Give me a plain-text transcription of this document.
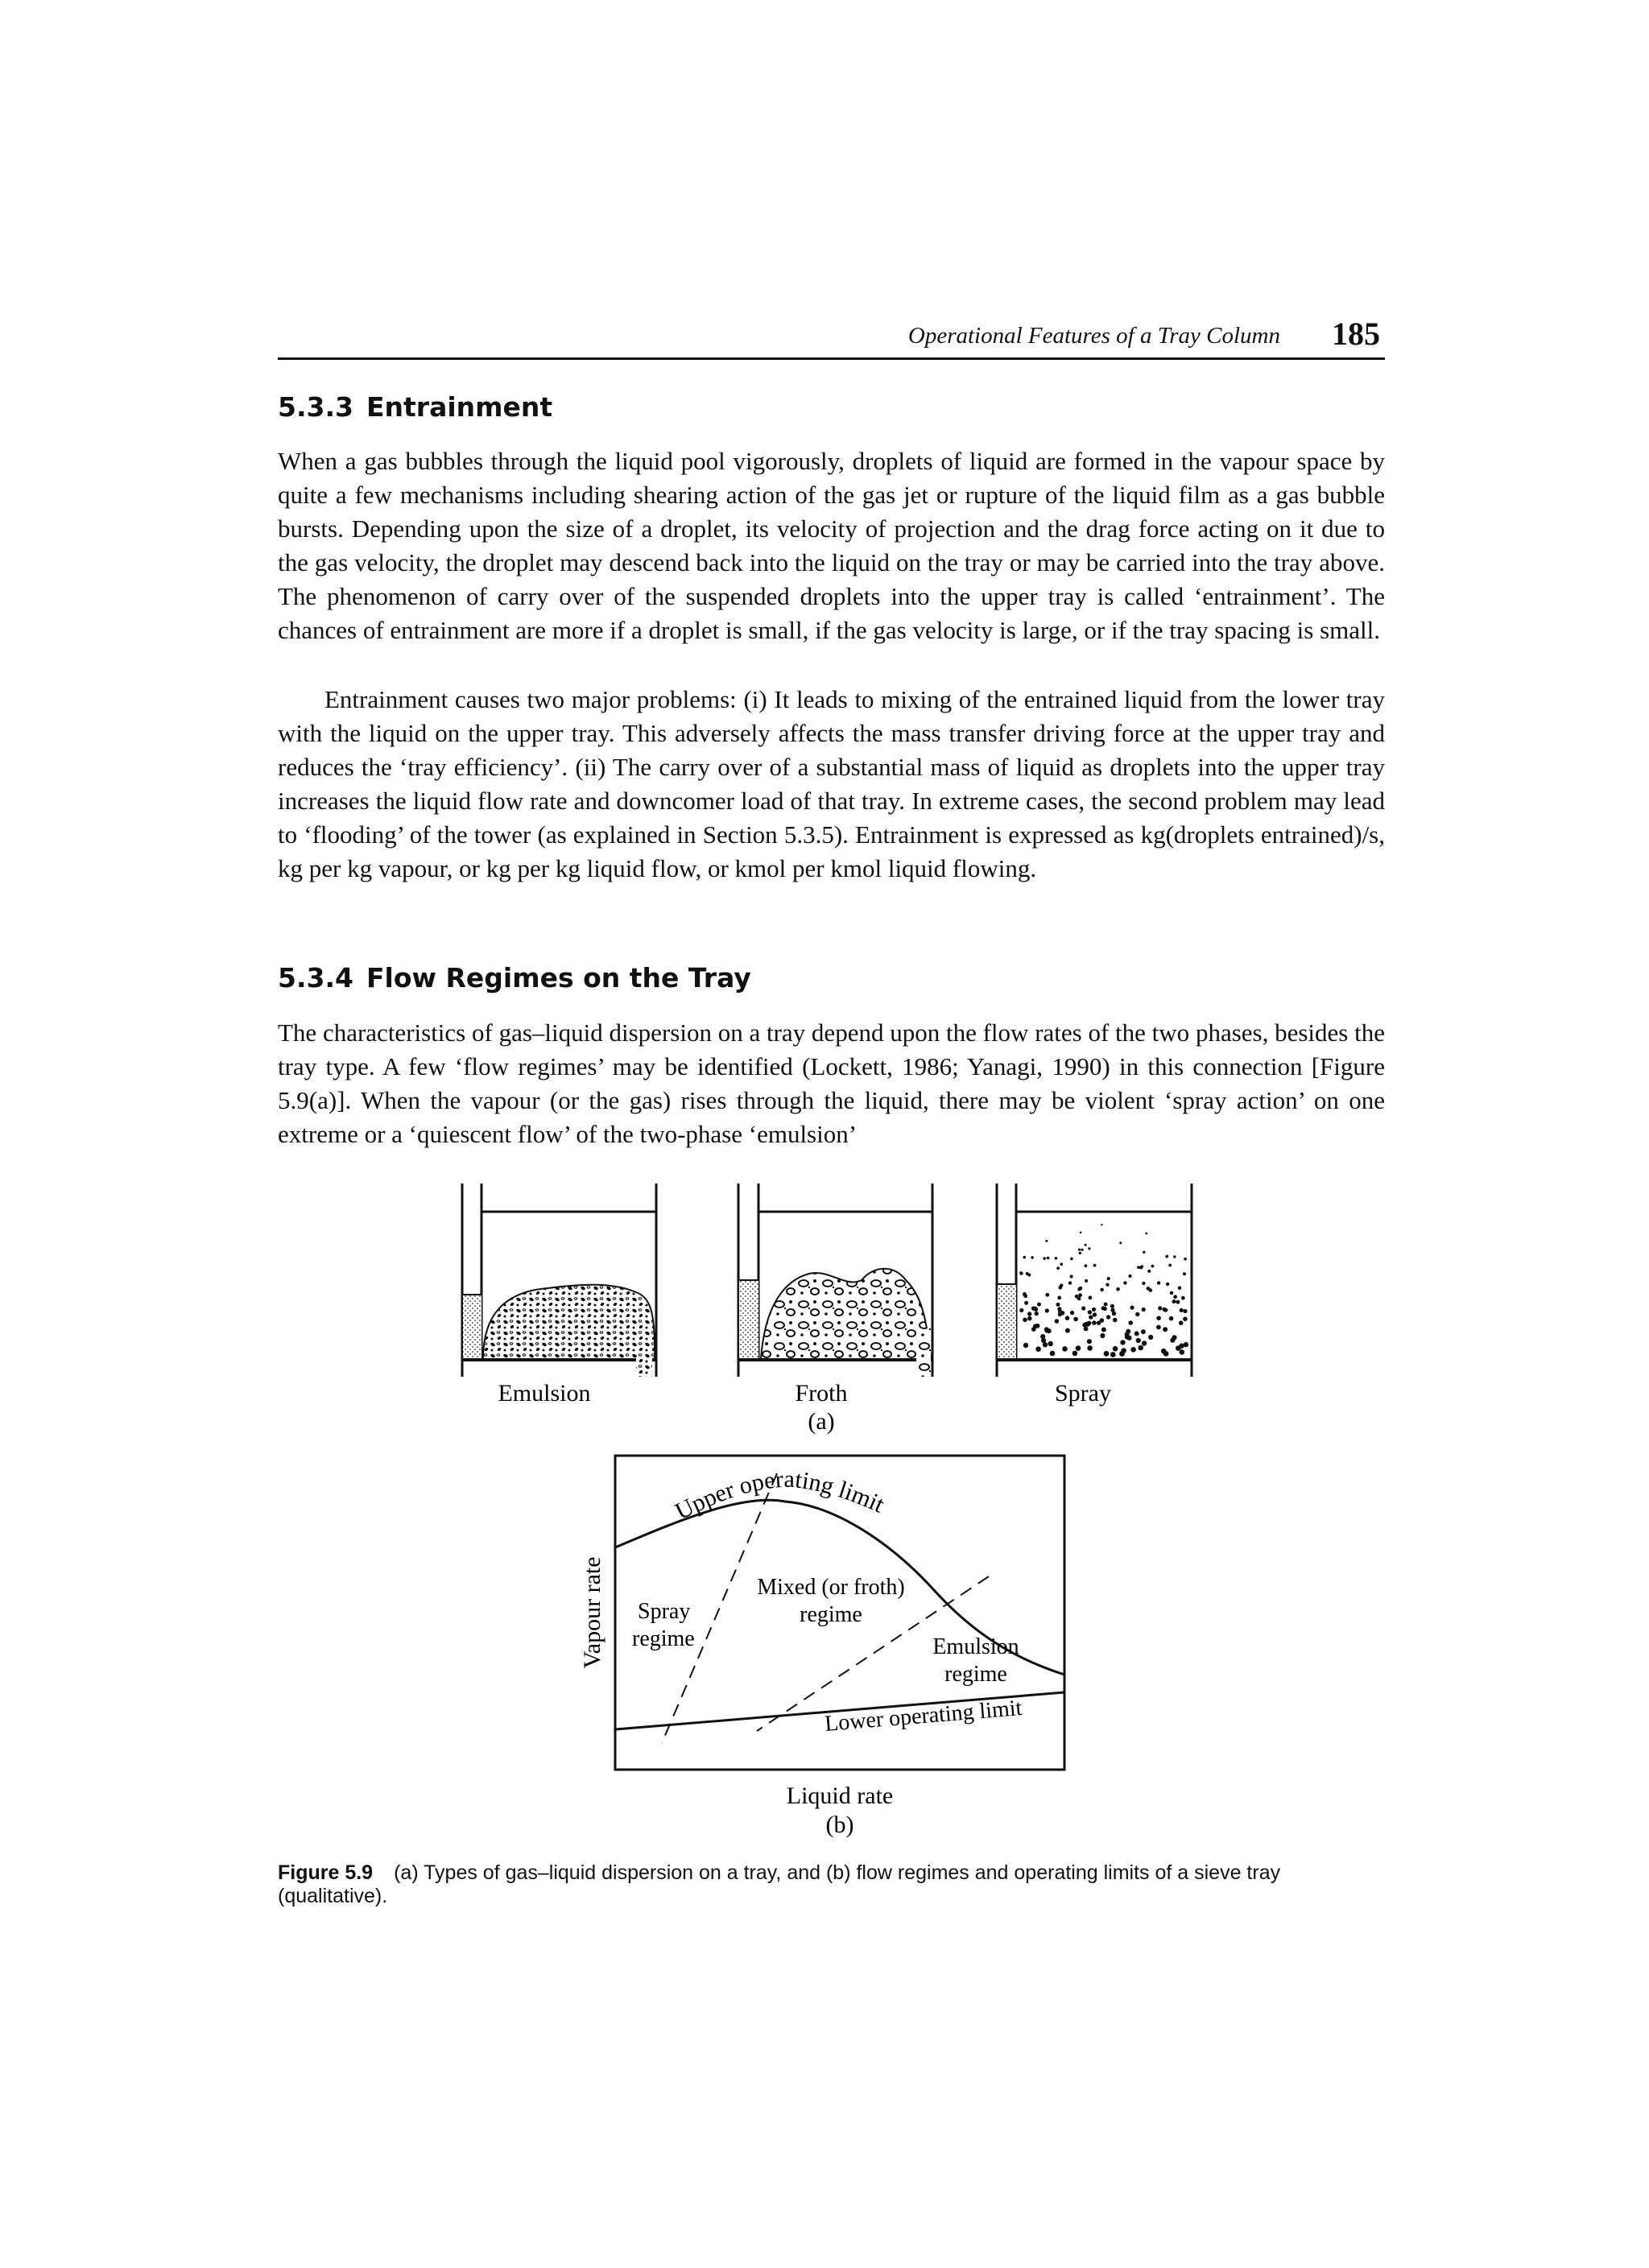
Operational Features of a Tray Column 185
5.3.3 Entrainment

When a gas bubbles through the liquid pool vigorously, droplets of liquid are formed in the vapour space by quite a few mechanisms including shearing action of the gas jet or rupture of the liquid film as a gas bubble bursts. Depending upon the size of a droplet, its velocity of projection and the drag force acting on it due to the gas velocity, the droplet may descend back into the liquid on the tray or may be carried into the tray above. The phenomenon of carry over of the suspended droplets into the upper tray is called ‘entrainment’. The chances of entrainment are more if a droplet is small, if the gas velocity is large, or if the tray spacing is small.

Entrainment causes two major problems: (i) It leads to mixing of the entrained liquid from the lower tray with the liquid on the upper tray. This adversely affects the mass transfer driving force at the upper tray and reduces the ‘tray efficiency’. (ii) The carry over of a substantial mass of liquid as droplets into the upper tray increases the liquid flow rate and downcomer load of that tray. In extreme cases, the second problem may lead to ‘flooding’ of the tower (as explained in Section 5.3.5). Entrainment is expressed as kg(droplets entrained)/s, kg per kg vapour, or kg per kg liquid flow, or kmol per kmol liquid flowing.

5.3.4 Flow Regimes on the Tray

The characteristics of gas–liquid dispersion on a tray depend upon the flow rates of the two phases, besides the tray type. A few ‘flow regimes’ may be identified (Lockett, 1986; Yanagi, 1990) in this connection [Figure 5.9(a)]. When the vapour (or the gas) rises through the liquid, there may be violent ‘spray action’ on one extreme or a ‘quiescent flow’ of the two-phase ‘emulsion’

Emulsion	Froth	Spray
(a)
Vapour rate
Liquid rate
(b)
Upper operating limit
Lower operating limit
Spray
regime
Mixed (or froth)
regime
Emulsion
regime
Figure 5.9 (a) Types of gas–liquid dispersion on a tray, and (b) flow regimes and operating limits of a sieve tray (qualitative).
